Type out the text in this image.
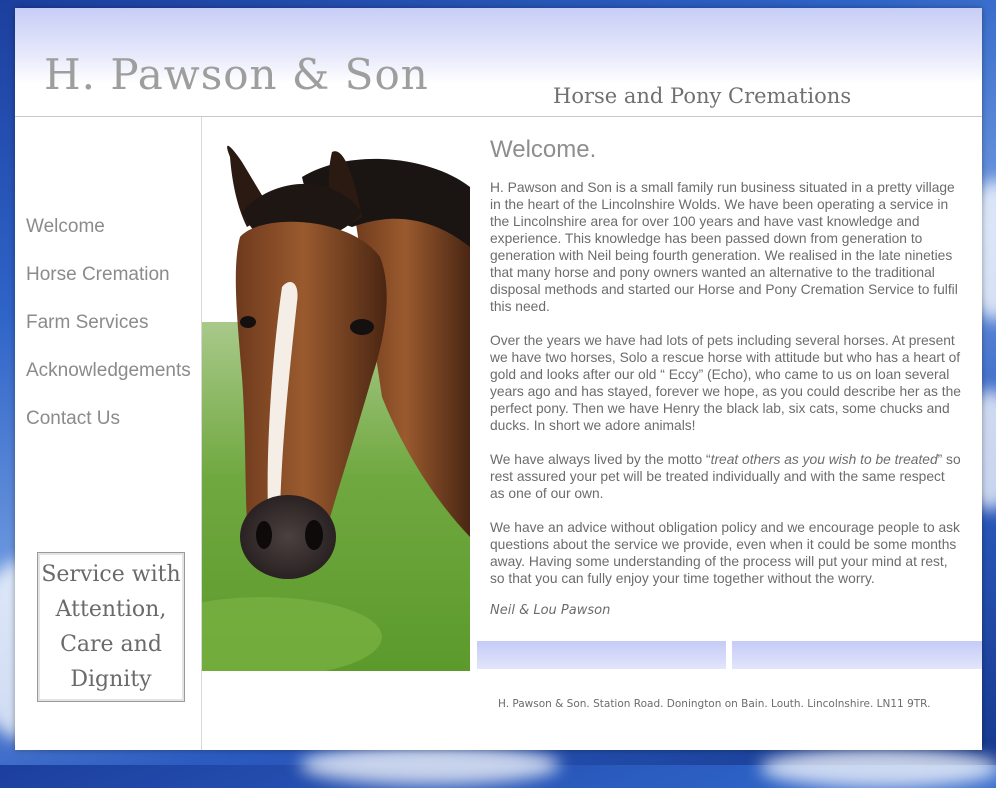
H. Pawson & Son	Horse and Pony Cremations
Welcome
Horse Cremation
Farm Services
Acknowledgements
Contact Us
Service with
Attention,
Care and
Dignity
Welcome.

H. Pawson and Son is a small family run business situated in a pretty village in the heart of the Lincolnshire Wolds. We have been operating a service in the Lincolnshire area for over 100 years and have vast knowledge and experience. This knowledge has been passed down from generation to generation with Neil being fourth generation. We realised in the late nineties that many horse and pony owners wanted an alternative to the traditional disposal methods and started our Horse and Pony Cremation Service to fulfil this need.

Over the years we have had lots of pets including several horses. At present we have two horses, Solo a rescue horse with attitude but who has a heart of gold and looks after our old “ Eccy” (Echo), who came to us on loan several years ago and has stayed, forever we hope, as you could describe her as the perfect pony. Then we have Henry the black lab, six cats, some chucks and ducks. In short we adore animals!

We have always lived by the motto “treat others as you wish to be treated” so rest assured your pet will be treated individually and with the same respect as one of our own.

We have an advice without obligation policy and we encourage people to ask questions about the service we provide, even when it could be some months away. Having some understanding of the process will put your mind at rest, so that you can fully enjoy your time together without the worry.

Neil & Lou Pawson
H. Pawson & Son. Station Road. Donington on Bain. Louth. Lincolnshire. LN11 9TR.
